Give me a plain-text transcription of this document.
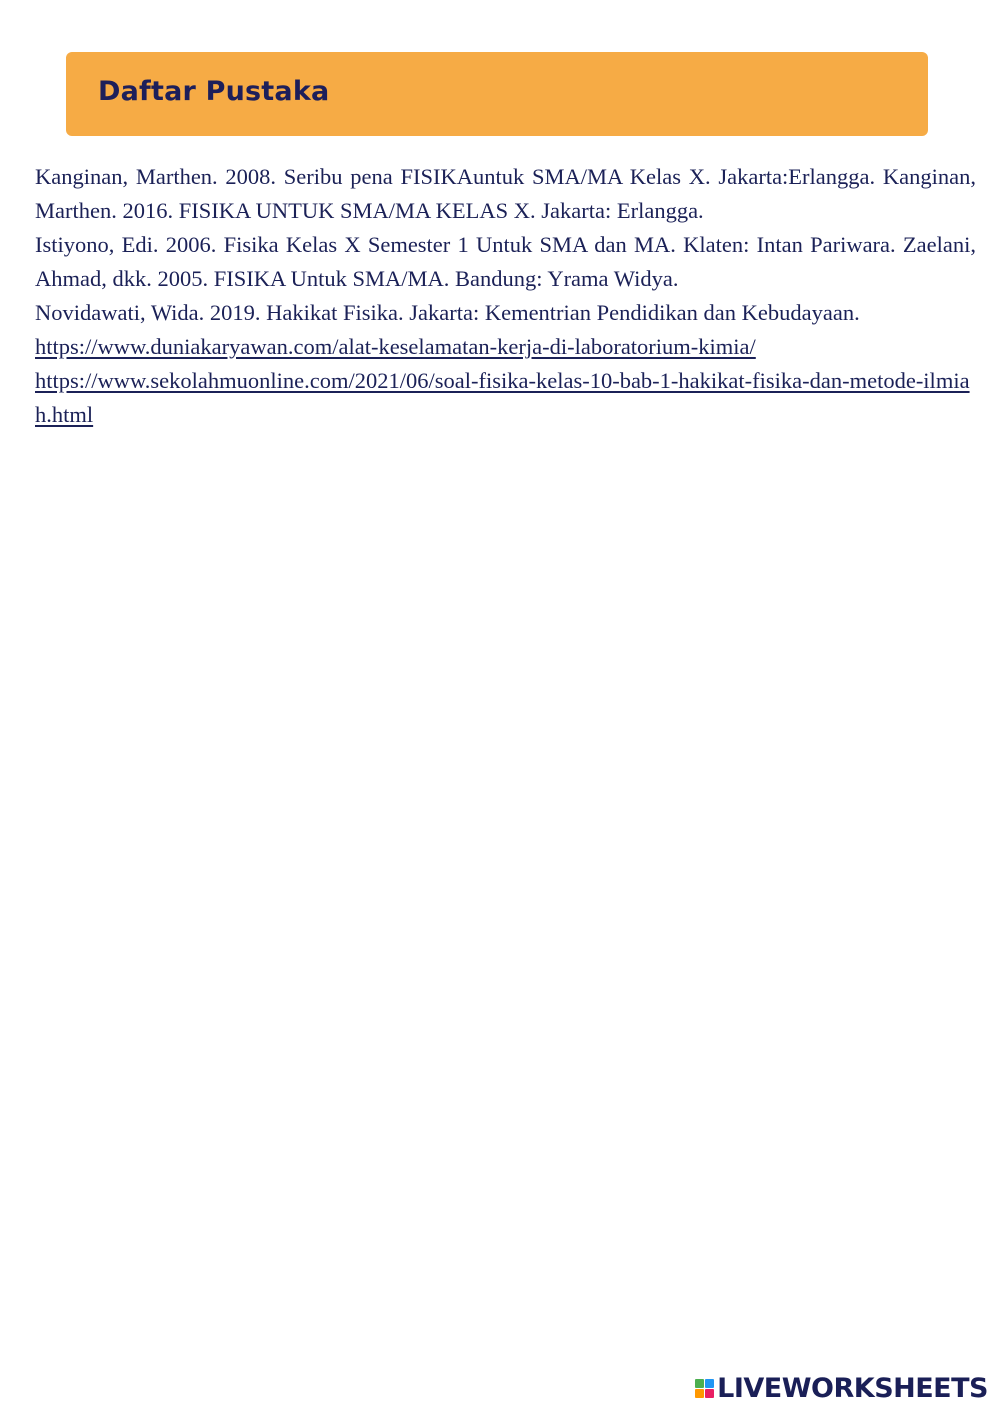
Daftar Pustaka

Kanginan, Marthen. 2008. Seribu pena FISIKAuntuk SMA/MA Kelas X. Jakarta:Erlangga. Kanginan, Marthen. 2016. FISIKA UNTUK SMA/MA KELAS X. Jakarta: Erlangga.

Istiyono, Edi. 2006. Fisika Kelas X Semester 1 Untuk SMA dan MA. Klaten: Intan Pariwara. Zaelani, Ahmad, dkk. 2005. FISIKA Untuk SMA/MA. Bandung: Yrama Widya.

Novidawati, Wida. 2019. Hakikat Fisika. Jakarta: Kementrian Pendidikan dan Kebudayaan.

https://www.duniakaryawan.com/alat-keselamatan-kerja-di-laboratorium-kimia/
https://www.sekolahmuonline.com/2021/06/soal-fisika-kelas-10-bab-1-hakikat-fisika-dan-metode-ilmiah.html
LIVEWORKSHEETS
